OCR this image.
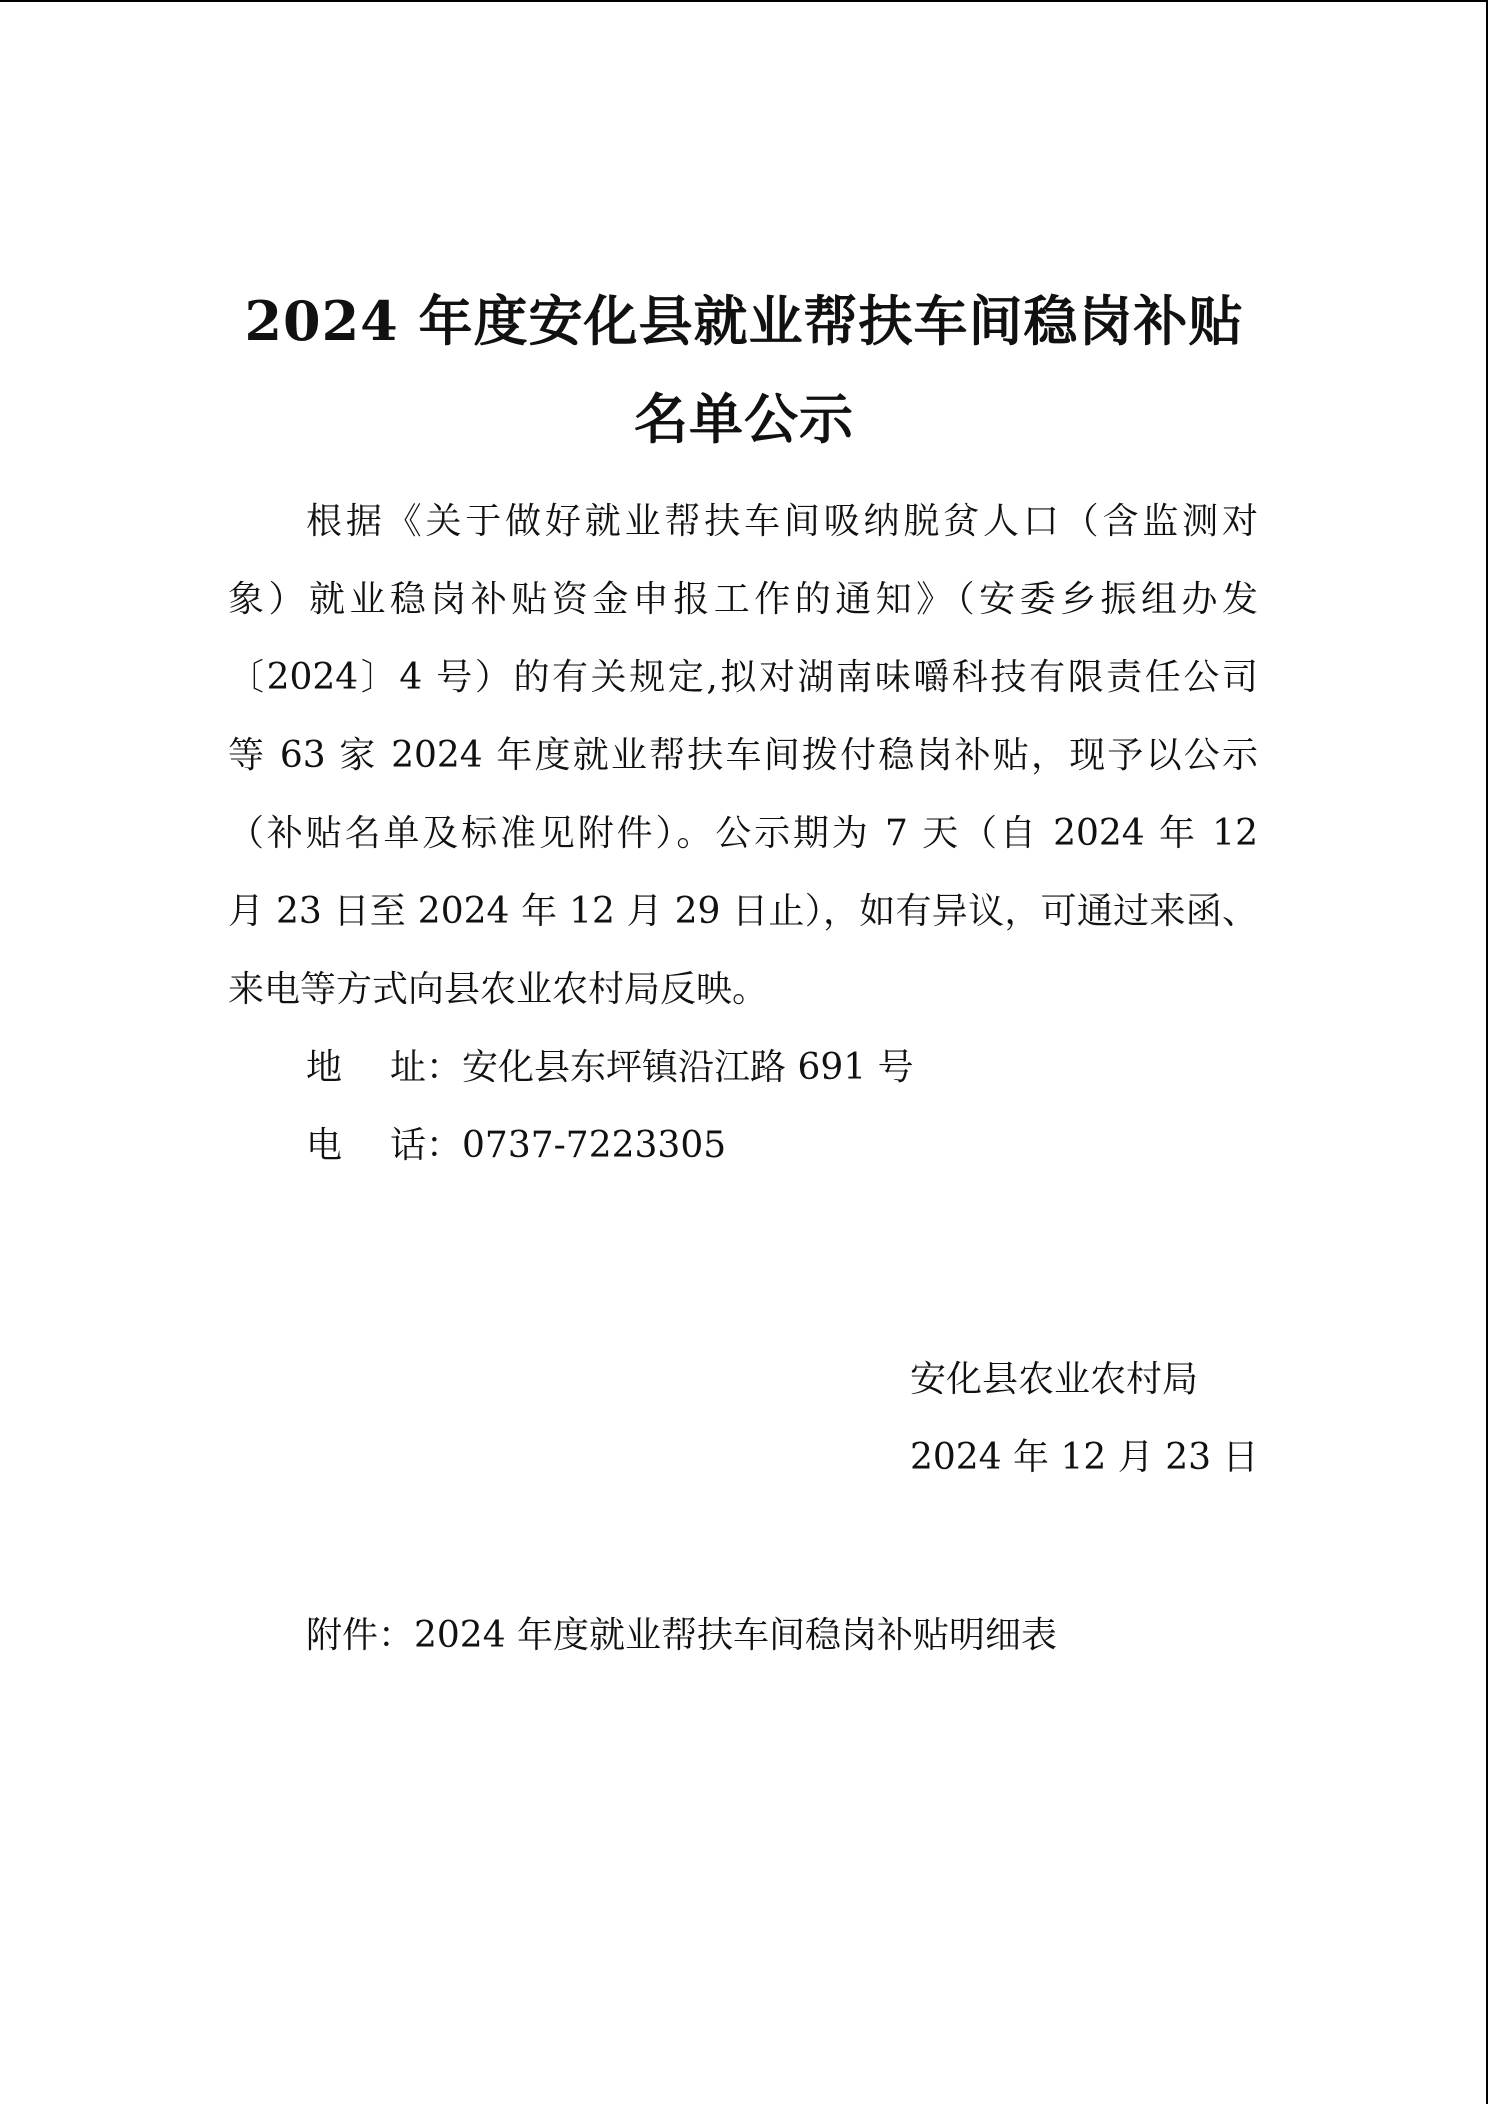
2024 年度安化县就业帮扶车间稳岗补贴
名单公示
根据《关于做好就业帮扶车间吸纳脱贫人口（含监测对
象）就业稳岗补贴资金申报工作的通知》（安委乡振组办发
〔2024〕4 号）的有关规定,拟对湖南味嚼科技有限责任公司
等 63 家 2024 年度就业帮扶车间拨付稳岗补贴，现予以公示
（补贴名单及标准见附件）。公示期为 7 天（自 2024 年 12
月 23 日至 2024 年 12 月 29 日止），如有异议，可通过来函、
来电等方式向县农业农村局反映。
地址：安化县东坪镇沿江路 691 号
电话：0737-7223305
安化县农业农村局
2024 年 12 月 23 日
附件：2024 年度就业帮扶车间稳岗补贴明细表
